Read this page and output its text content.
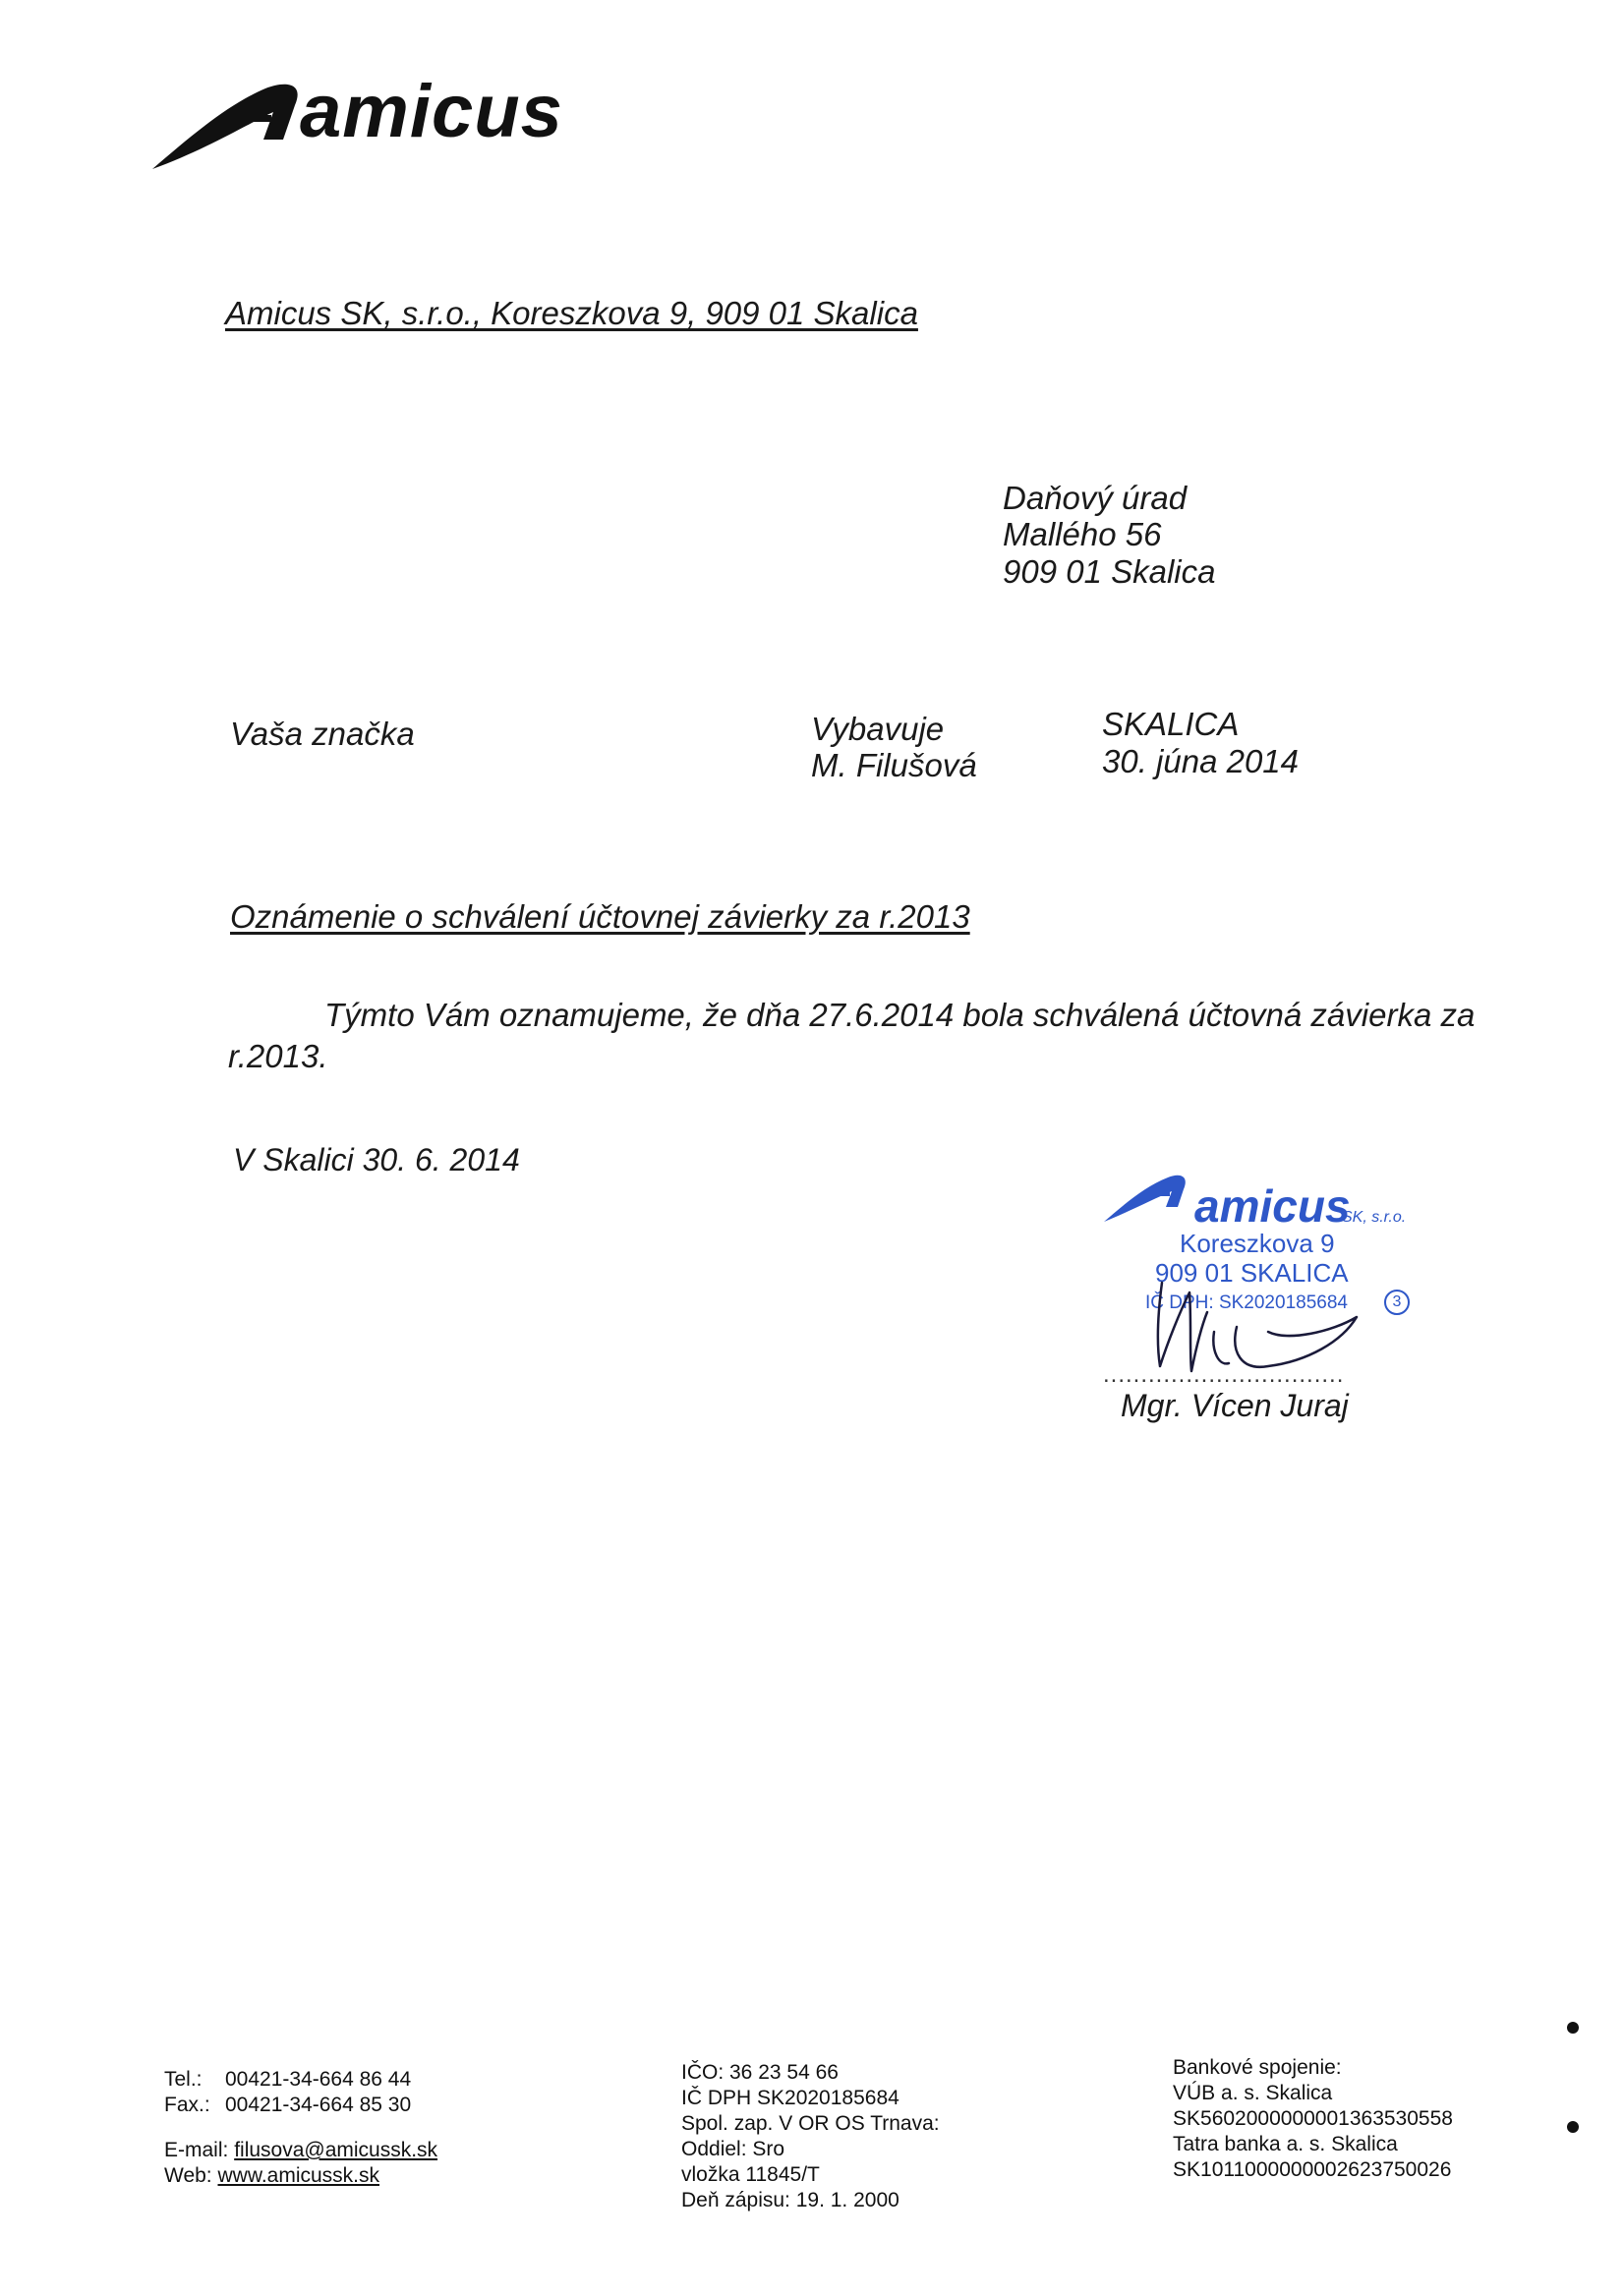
amicus
Amicus SK, s.r.o., Koreszkova 9, 909 01 Skalica
Daňový úrad
Mallého 56
909 01 Skalica
Vaša značka	Vybavuje
M. Filušová
SKALICA
30. júna 2014
Oznámenie o schválení účtovnej závierky za r.2013
Týmto Vám oznamujeme, že dňa 27.6.2014 bola schválená účtovná závierka za
r.2013.
V Skalici 30. 6. 2014
amicus
SK, s.r.o.
Koreszkova 9
909 01 SKALICA
IČ DPH: SK2020185684	3
................................
Mgr. Vícen Juraj
Tel.: 00421-34-664 86 44
Fax.: 00421-34-664 85 30
E-mail: filusova@amicussk.sk
Web: www.amicussk.sk
IČO: 36 23 54 66
IČ DPH SK2020185684
Spol. zap. V OR OS Trnava:
Oddiel: Sro
vložka 11845/T
Deň zápisu: 19. 1. 2000
Bankové spojenie:
VÚB a. s. Skalica
SK5602000000001363530558
Tatra banka a. s. Skalica
SK1011000000002623750026
